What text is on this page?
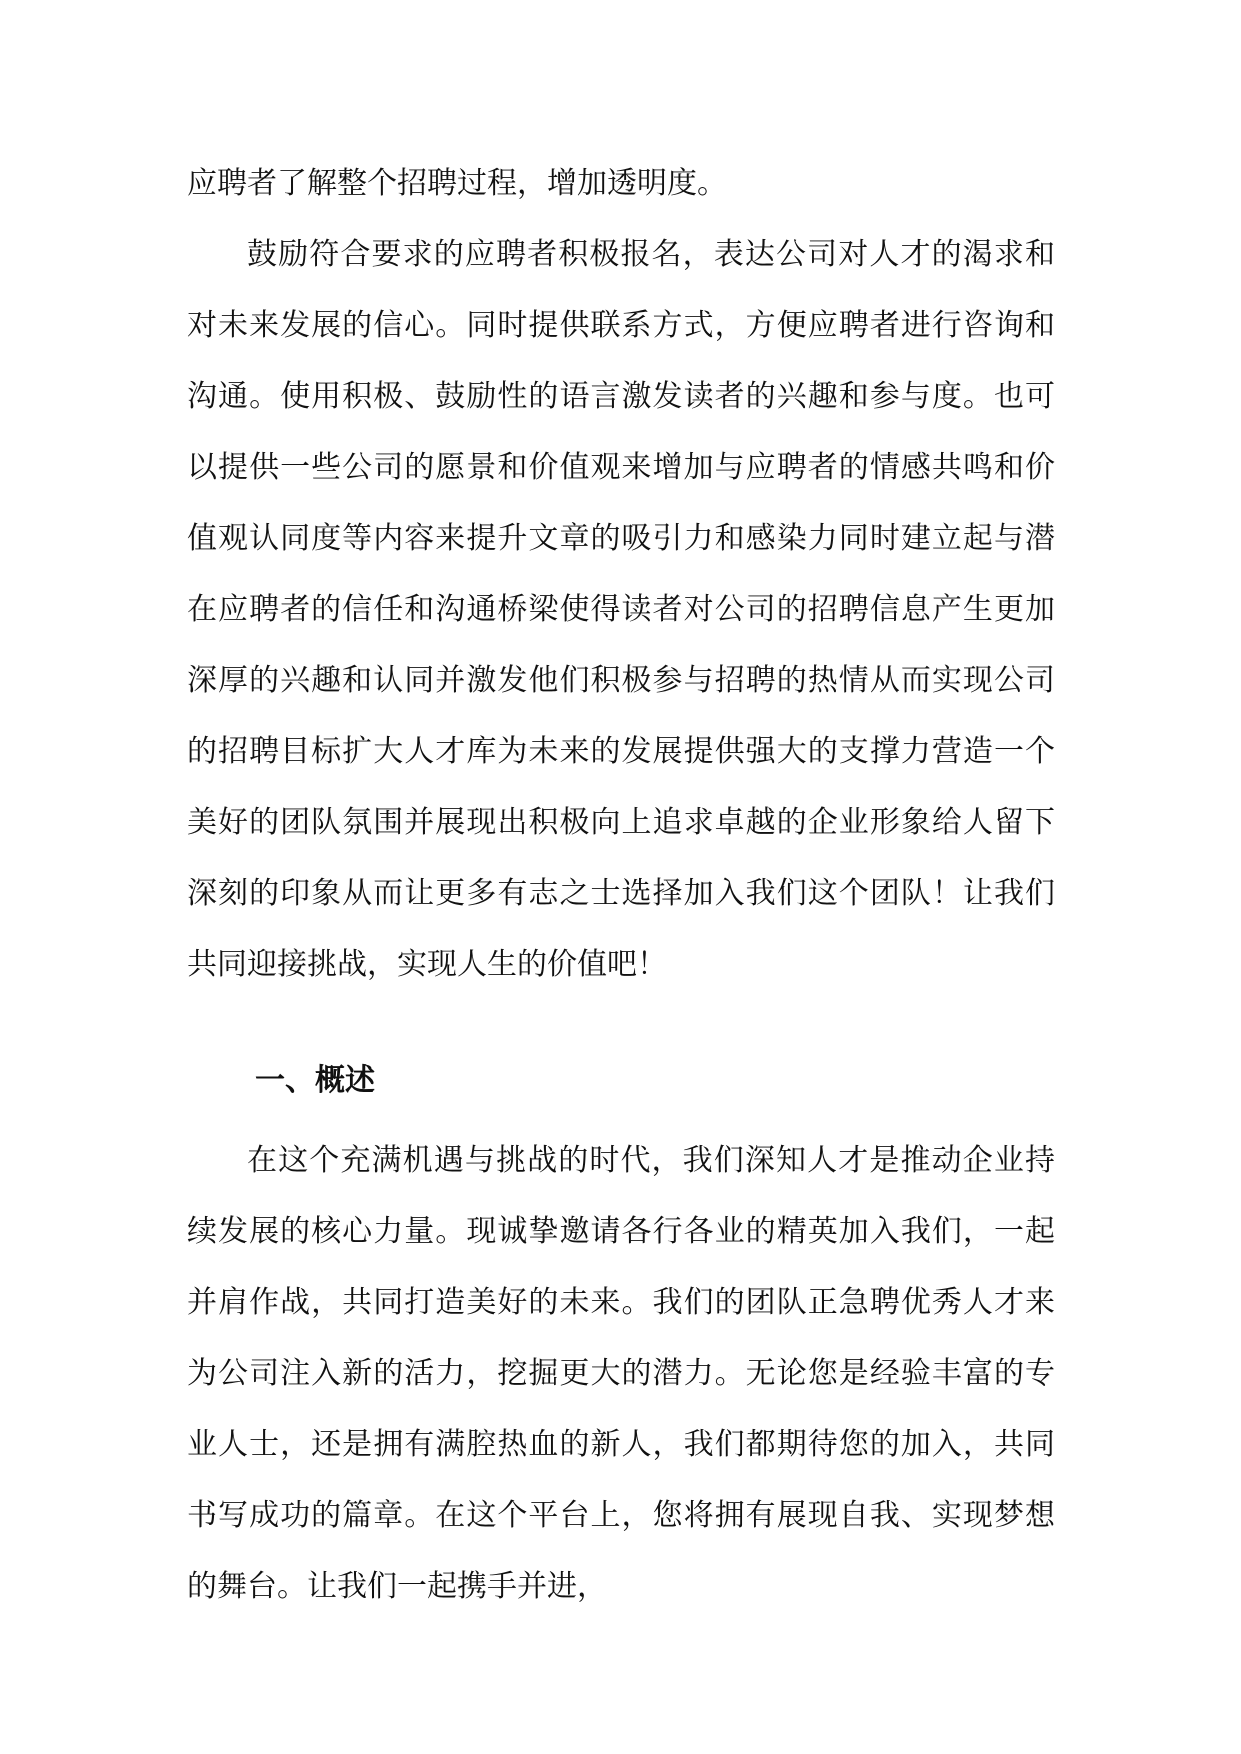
应聘者了解整个招聘过程，增加透明度。

鼓励符合要求的应聘者积极报名，表达公司对人才的渴求和对未来发展的信心。同时提供联系方式，方便应聘者进行咨询和沟通。使用积极、鼓励性的语言激发读者的兴趣和参与度。也可以提供一些公司的愿景和价值观来增加与应聘者的情感共鸣和价值观认同度等内容来提升文章的吸引力和感染力同时建立起与潜在应聘者的信任和沟通桥梁使得读者对公司的招聘信息产生更加深厚的兴趣和认同并激发他们积极参与招聘的热情从而实现公司的招聘目标扩大人才库为未来的发展提供强大的支撑力营造一个美好的团队氛围并展现出积极向上追求卓越的企业形象给人留下深刻的印象从而让更多有志之士选择加入我们这个团队！让我们共同迎接挑战，实现人生的价值吧！

一、概述

在这个充满机遇与挑战的时代，我们深知人才是推动企业持续发展的核心力量。现诚挚邀请各行各业的精英加入我们，一起并肩作战，共同打造美好的未来。我们的团队正急聘优秀人才来为公司注入新的活力，挖掘更大的潜力。无论您是经验丰富的专业人士，还是拥有满腔热血的新人，我们都期待您的加入，共同书写成功的篇章。在这个平台上，您将拥有展现自我、实现梦想的舞台。让我们一起携手并进，
